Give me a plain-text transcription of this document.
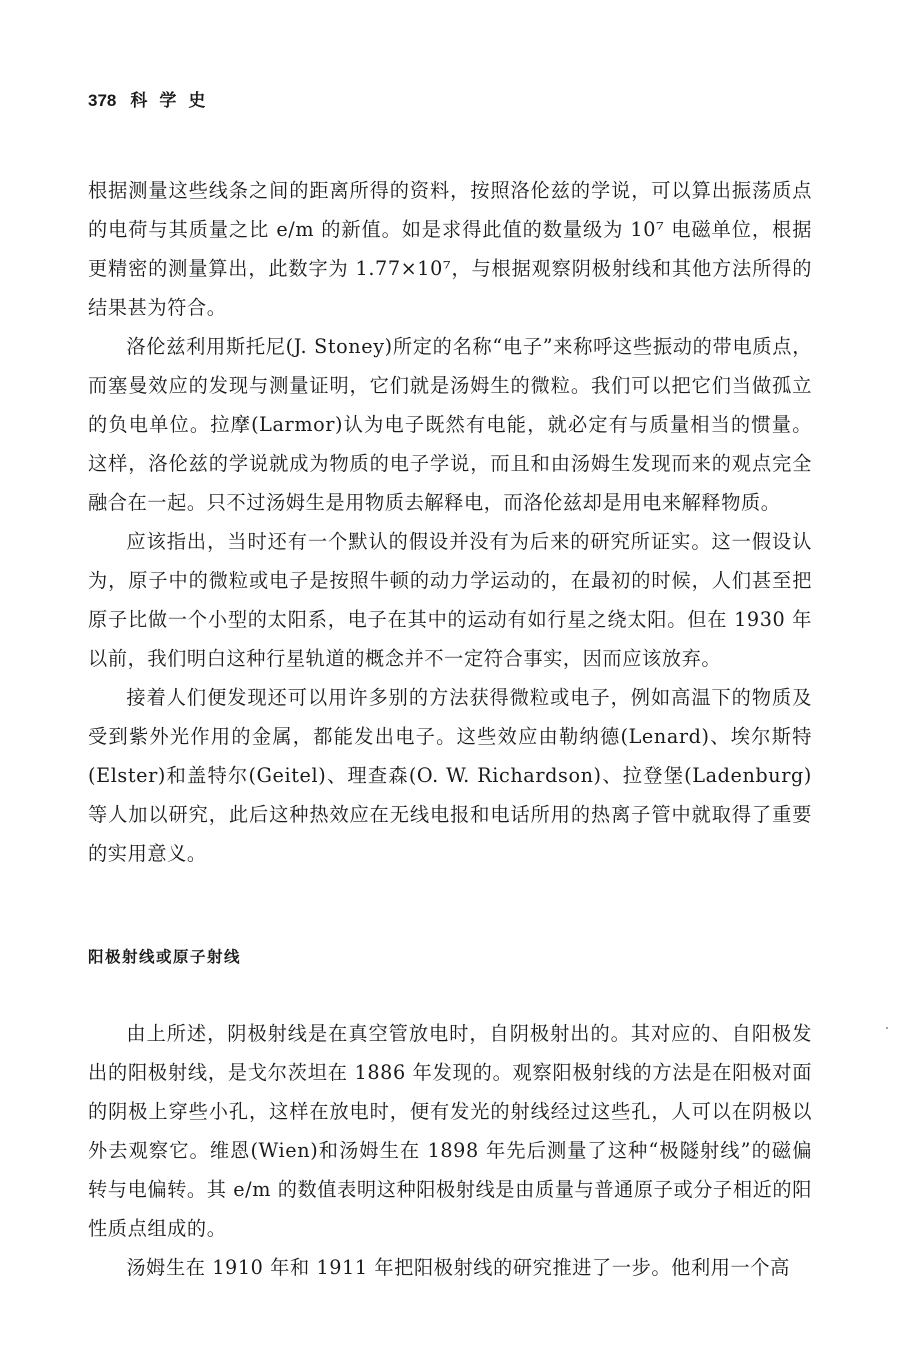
378 科学史

根据测量这些线条之间的距离所得的资料，按照洛伦兹的学说，可以算出振荡质点的电荷与其质量之比 e/m 的新值。如是求得此值的数量级为 10⁷ 电磁单位，根据更精密的测量算出，此数字为 1.77×10⁷，与根据观察阴极射线和其他方法所得的结果甚为符合。

洛伦兹利用斯托尼(J. Stoney)所定的名称“电子”来称呼这些振动的带电质点，而塞曼效应的发现与测量证明，它们就是汤姆生的微粒。我们可以把它们当做孤立的负电单位。拉摩(Larmor)认为电子既然有电能，就必定有与质量相当的惯量。这样，洛伦兹的学说就成为物质的电子学说，而且和由汤姆生发现而来的观点完全融合在一起。只不过汤姆生是用物质去解释电，而洛伦兹却是用电来解释物质。

应该指出，当时还有一个默认的假设并没有为后来的研究所证实。这一假设认为，原子中的微粒或电子是按照牛顿的动力学运动的，在最初的时候，人们甚至把原子比做一个小型的太阳系，电子在其中的运动有如行星之绕太阳。但在 1930 年以前，我们明白这种行星轨道的概念并不一定符合事实，因而应该放弃。

接着人们便发现还可以用许多别的方法获得微粒或电子，例如高温下的物质及受到紫外光作用的金属，都能发出电子。这些效应由勒纳德(Lenard)、埃尔斯特(Elster)和盖特尔(Geitel)、理查森(O. W. Richardson)、拉登堡(Ladenburg)等人加以研究，此后这种热效应在无线电报和电话所用的热离子管中就取得了重要的实用意义。

阳极射线或原子射线

由上所述，阴极射线是在真空管放电时，自阴极射出的。其对应的、自阳极发出的阳极射线，是戈尔茨坦在 1886 年发现的。观察阳极射线的方法是在阳极对面的阴极上穿些小孔，这样在放电时，便有发光的射线经过这些孔，人可以在阴极以外去观察它。维恩(Wien)和汤姆生在 1898 年先后测量了这种“极隧射线”的磁偏转与电偏转。其 e/m 的数值表明这种阳极射线是由质量与普通原子或分子相近的阳性质点组成的。

汤姆生在 1910 年和 1911 年把阳极射线的研究推进了一步。他利用一个高
